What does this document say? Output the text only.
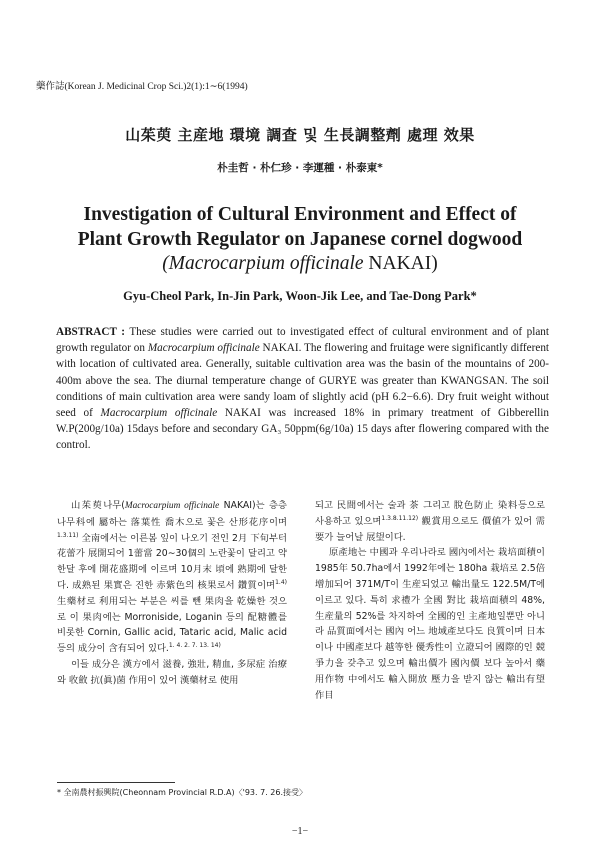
藥作誌(Korean J. Medicinal Crop Sci.)2(1):1∼6(1994)
山茱萸 主産地 環境 調査 및 生長調整劑 處理 效果
朴圭哲 · 朴仁珍 · 李運種 · 朴泰東*
Investigation of Cultural Environment and Effect of
Plant Growth Regulator on Japanese cornel dogwood
(Macrocarpium officinale NAKAI)
Gyu-Cheol Park, In-Jin Park, Woon-Jik Lee, and Tae-Dong Park*
ABSTRACT : These studies were carried out to investigated effect of cultural environment and of plant growth regulator on Macrocarpium officinale NAKAI. The flowering and fruitage were significantly different with location of cultivated area. Generally, suitable cultivation area was the basin of the mountains of 200-400m above the sea. The diurnal temperature change of GURYE was greater than KWANGSAN. The soil conditions of main cultivation area were sandy loam of slightly acid (pH 6.2−6.6). Dry fruit weight without seed of Macrocarpium officinale NAKAI was increased 18% in primary treatment of Gibberellin W.P(200g/10a) 15days before and secondary GA₃ 50ppm(6g/10a) 15 days after flowering compared with the control.

山茱萸나무(Macrocarpium officinale NAKAI)는 층층나무科에 屬하는 落葉性 喬木으로 꽃은 산形花序이며$^{1.3.11)}$ 全南에서는 이른봄 잎이 나오기 전인 2月 下旬부터 花蕾가 展開되어 1蕾當 20∼30個의 노란꽃이 달리고 약 한달 후에 開花盛期에 이르며 10月末 頃에 熟期에 달한다. 成熟된 果實은 진한 赤紫色의 核果로서 鑽質이며$^{1.4)}$ 生藥材로 利用되는 부분은 씨를 뺀 果肉을 乾燥한 것으로 이 果肉에는 Morroniside, Loganin 등의 配糖體를 비롯한 Cornin, Gallic acid, Tataric acid, Malic acid 등의 成分이 含有되어 있다.$^{1. 4. 2. 7. 13. 14)}$

이들 成分은 漢方에서 滋養, 強壯, 精血, 多尿症 治療와 收斂 抗(眞)菌 作用이 있어 漢藥材로 使用

되고 民間에서는 술과 茶 그리고 脫色防止 染料등으로 사용하고 있으며$^{1.3.8.11.12)}$ 觀賞用으로도 價値가 있어 需要가 늘어날 展望이다.

原產地는 中國과 우리나라로 國內에서는 栽培面積이 1985年 50.7ha에서 1992年에는 180ha 栽培로 2.5倍 增加되어 371M/T이 生産되었고 輸出量도 122.5M/T에 이르고 있다. 특히 求禮가 全國 對比 栽培面積의 48%, 生産量의 52%를 차지하여 全國的인 主產地일뿐만 아니라 品質面에서는 國內 어느 地域產보다도 良質이며 日本이나 中國產보다 越等한 優秀性이 立證되어 國際的인 競爭力을 갖추고 있으며 輸出價가 國內價 보다 높아서 藥用作物 中에서도 輸入開放 壓力을 받지 않는 輸出有望 作目

* 全南農村振興院(Cheonnam Provincial R.D.A)〈'93. 7. 26.接受〉
−1−
